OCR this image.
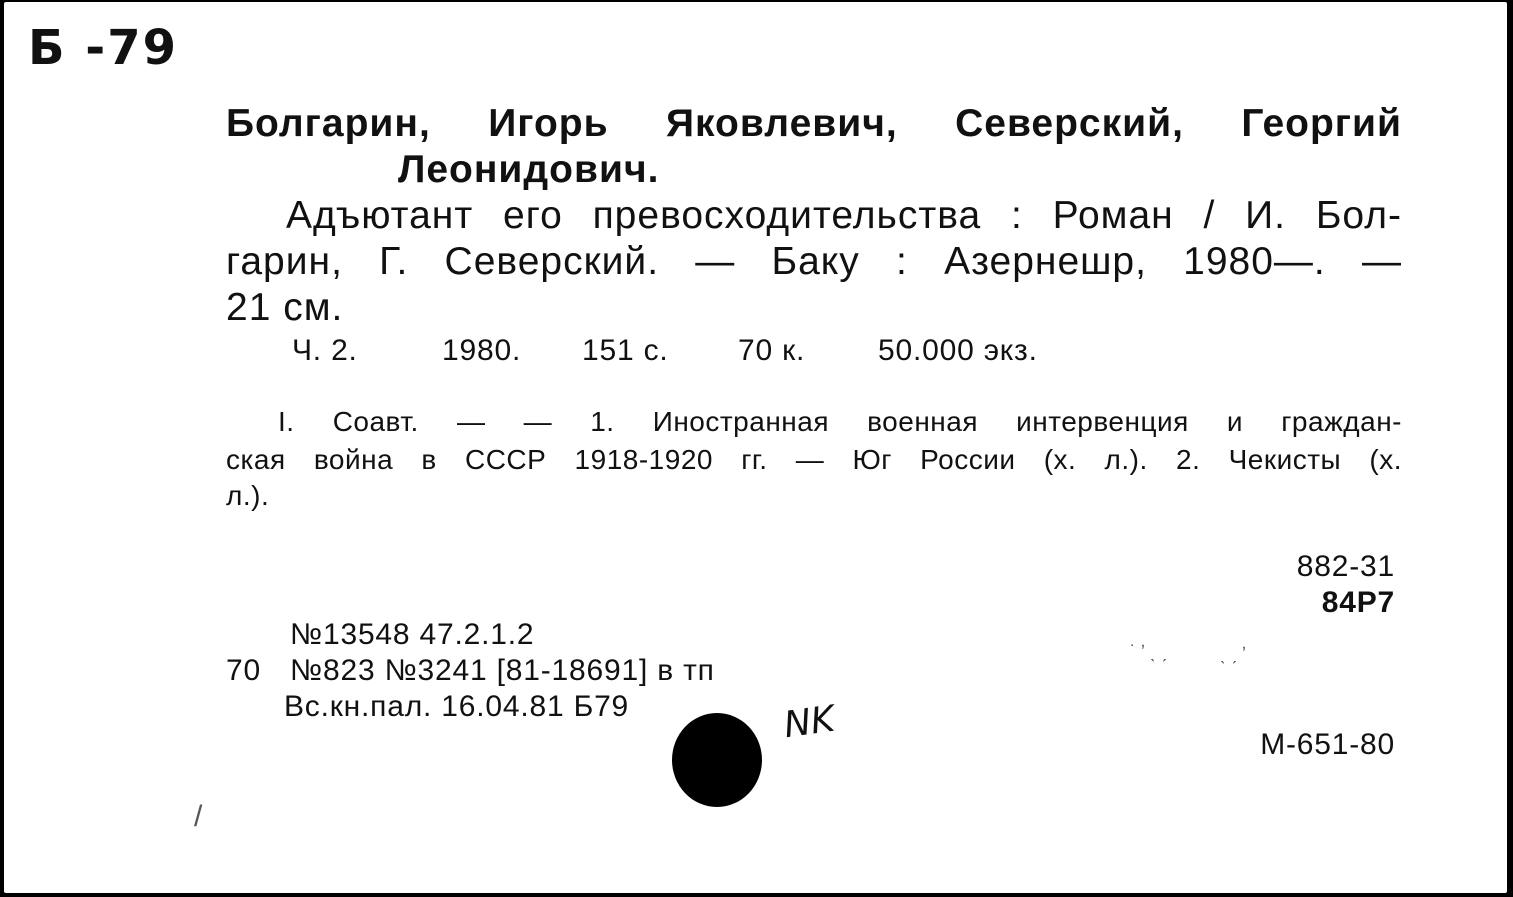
Б -79
Болгарин, Игорь Яковлевич, Северский, Георгий
Леонидович.
Адъютант его превосходительства : Роман / И. Бол-
гарин, Г. Северский. — Баку : Азернешр, 1980—. —
21 см.
Ч. 2.	1980. 151 с. 70 к. 50.000 экз.
I. Соавт. — — 1. Иностранная военная интервенция и граждан-
ская война в СССР 1918-1920 гг. — Юг России (х. л.). 2. Чекисты (х.
л.).
882-31
84Р7
№13548 47.2.1.2
70 №823 №3241 [81-18691] в тп
Вс.кн.пал. 16.04.81 Б79	NK
˙ ʼ ˎ ˏ	ˎ ˏ ʼ
/
М-651-80
